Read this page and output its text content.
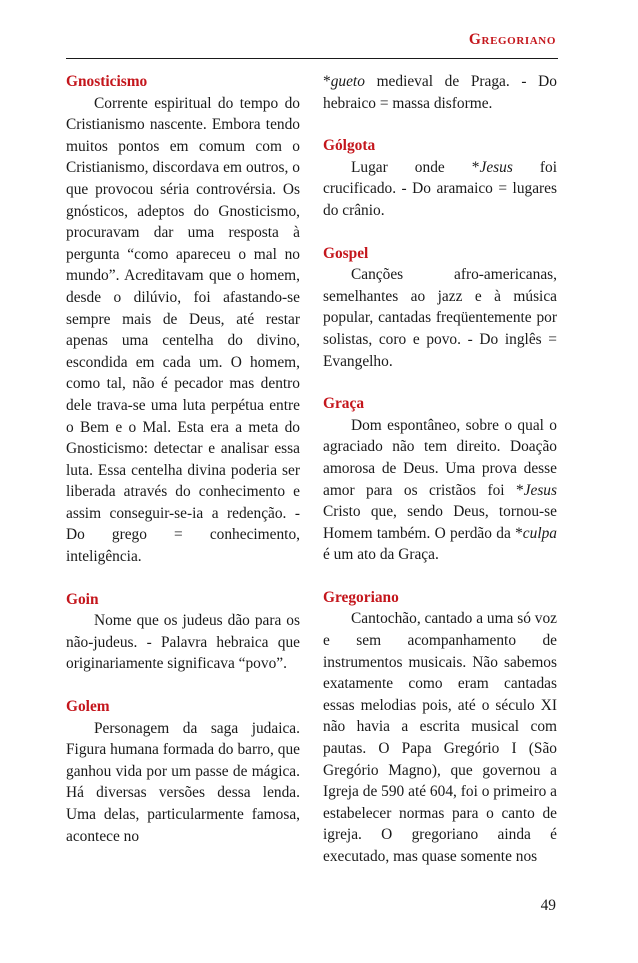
Gregoriano

Gnosticismo

Corrente espiritual do tempo do Cristianismo nascente. Embora tendo muitos pontos em comum com o Cristianismo, discordava em outros, o que provocou séria controvérsia. Os gnósticos, adeptos do Gnosticismo, procuravam dar uma resposta à pergunta “como apareceu o mal no mundo”. Acreditavam que o homem, desde o dilúvio, foi afastando-se sempre mais de Deus, até restar apenas uma centelha do divino, escondida em cada um. O homem, como tal, não é pecador mas dentro dele trava-se uma luta perpétua entre o Bem e o Mal. Esta era a meta do Gnosticismo: detectar e analisar essa luta. Essa centelha divina poderia ser liberada através do conhecimento e assim conseguir-se-ia a redenção. - Do grego = conhecimento, inteligência.

Goin

Nome que os judeus dão para os não-judeus. - Palavra hebraica que originariamente significava “povo”.

Golem

Personagem da saga judaica. Figura humana formada do barro, que ganhou vida por um passe de mágica. Há diversas versões dessa lenda. Uma delas, particularmente famosa, acontece no

*gueto medieval de Praga. - Do hebraico = massa disforme.

Gólgota

Lugar onde *Jesus foi crucificado. - Do aramaico = lugares do crânio.

Gospel

Canções afro-americanas, semelhantes ao jazz e à música popular, cantadas freqüentemente por solistas, coro e povo. - Do inglês = Evangelho.

Graça

Dom espontâneo, sobre o qual o agraciado não tem direito. Doação amorosa de Deus. Uma prova desse amor para os cristãos foi *Jesus Cristo que, sendo Deus, tornou-se Homem também. O perdão da *culpa é um ato da Graça.

Gregoriano

Cantochão, cantado a uma só voz e sem acompanhamento de instrumentos musicais. Não sabemos exatamente como eram cantadas essas melodias pois, até o século XI não havia a escrita musical com pautas. O Papa Gregório I (São Gregório Magno), que governou a Igreja de 590 até 604, foi o primeiro a estabelecer normas para o canto de igreja. O gregoriano ainda é executado, mas quase somente nos

49
